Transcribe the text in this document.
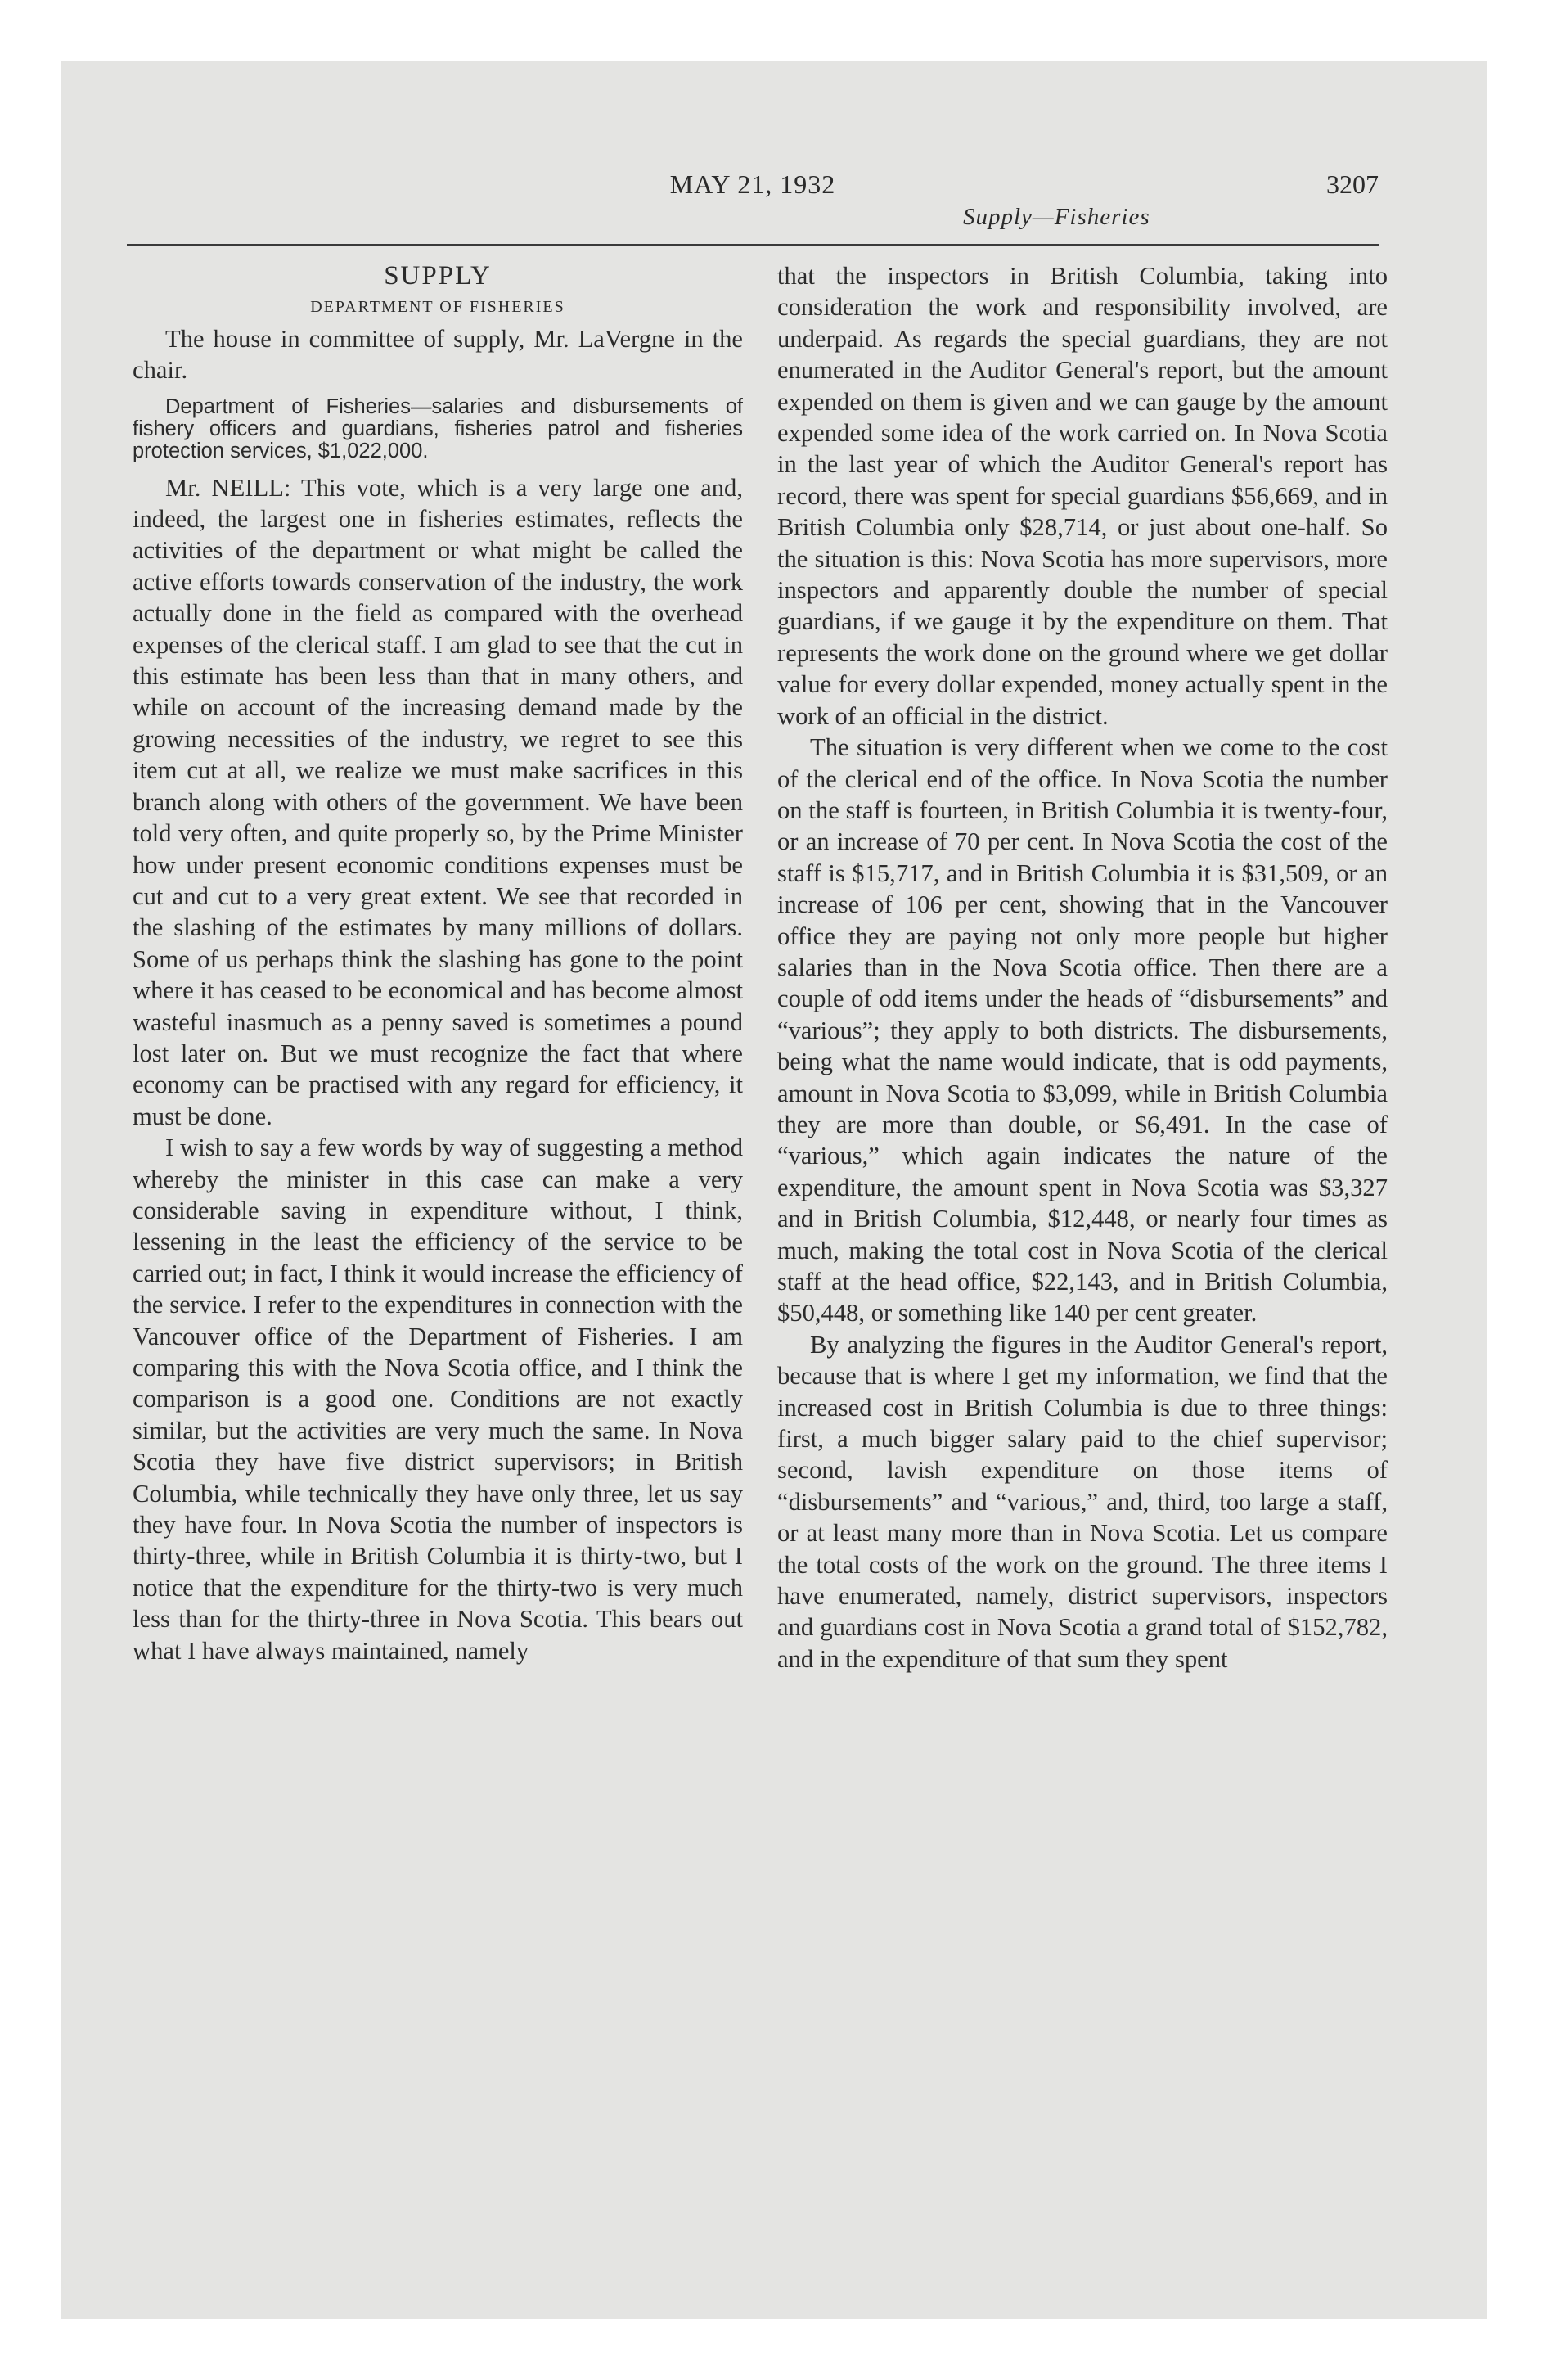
MAY 21, 1932	3207
Supply—Fisheries

SUPPLY

DEPARTMENT OF FISHERIES

The house in committee of supply, Mr. LaVergne in the chair.

Department of Fisheries—salaries and disbursements of fishery officers and guardians, fisheries patrol and fisheries protection services, $1,022,000.

Mr. NEILL: This vote, which is a very large one and, indeed, the largest one in fisheries estimates, reflects the activities of the department or what might be called the active efforts towards conservation of the industry, the work actually done in the field as compared with the overhead expenses of the clerical staff. I am glad to see that the cut in this estimate has been less than that in many others, and while on account of the increasing demand made by the growing necessities of the industry, we regret to see this item cut at all, we realize we must make sacrifices in this branch along with others of the government. We have been told very often, and quite properly so, by the Prime Minister how under present economic conditions expenses must be cut and cut to a very great extent. We see that recorded in the slashing of the estimates by many millions of dollars. Some of us perhaps think the slashing has gone to the point where it has ceased to be economical and has become almost wasteful inasmuch as a penny saved is sometimes a pound lost later on. But we must recognize the fact that where economy can be practised with any regard for efficiency, it must be done.

I wish to say a few words by way of suggesting a method whereby the minister in this case can make a very considerable saving in expenditure without, I think, lessening in the least the efficiency of the service to be carried out; in fact, I think it would increase the efficiency of the service. I refer to the expenditures in connection with the Vancouver office of the Department of Fisheries. I am comparing this with the Nova Scotia office, and I think the comparison is a good one. Conditions are not exactly similar, but the activities are very much the same. In Nova Scotia they have five district supervisors; in British Columbia, while technically they have only three, let us say they have four. In Nova Scotia the number of inspectors is thirty-three, while in British Columbia it is thirty-two, but I notice that the expenditure for the thirty-two is very much less than for the thirty-three in Nova Scotia. This bears out what I have always maintained, namely

that the inspectors in British Columbia, taking into consideration the work and responsibility involved, are underpaid. As regards the special guardians, they are not enumerated in the Auditor General's report, but the amount expended on them is given and we can gauge by the amount expended some idea of the work carried on. In Nova Scotia in the last year of which the Auditor General's report has record, there was spent for special guardians $56,669, and in British Columbia only $28,714, or just about one-half. So the situation is this: Nova Scotia has more supervisors, more inspectors and apparently double the number of special guardians, if we gauge it by the expenditure on them. That represents the work done on the ground where we get dollar value for every dollar expended, money actually spent in the work of an official in the district.

The situation is very different when we come to the cost of the clerical end of the office. In Nova Scotia the number on the staff is fourteen, in British Columbia it is twenty-four, or an increase of 70 per cent. In Nova Scotia the cost of the staff is $15,717, and in British Columbia it is $31,509, or an increase of 106 per cent, showing that in the Vancouver office they are paying not only more people but higher salaries than in the Nova Scotia office. Then there are a couple of odd items under the heads of “disbursements” and “various”; they apply to both districts. The disbursements, being what the name would indicate, that is odd payments, amount in Nova Scotia to $3,099, while in British Columbia they are more than double, or $6,491. In the case of “various,” which again indicates the nature of the expenditure, the amount spent in Nova Scotia was $3,327 and in British Columbia, $12,448, or nearly four times as much, making the total cost in Nova Scotia of the clerical staff at the head office, $22,143, and in British Columbia, $50,448, or something like 140 per cent greater.

By analyzing the figures in the Auditor General's report, because that is where I get my information, we find that the increased cost in British Columbia is due to three things: first, a much bigger salary paid to the chief supervisor; second, lavish expenditure on those items of “disbursements” and “various,” and, third, too large a staff, or at least many more than in Nova Scotia. Let us compare the total costs of the work on the ground. The three items I have enumerated, namely, district supervisors, inspectors and guardians cost in Nova Scotia a grand total of $152,782, and in the expenditure of that sum they spent
